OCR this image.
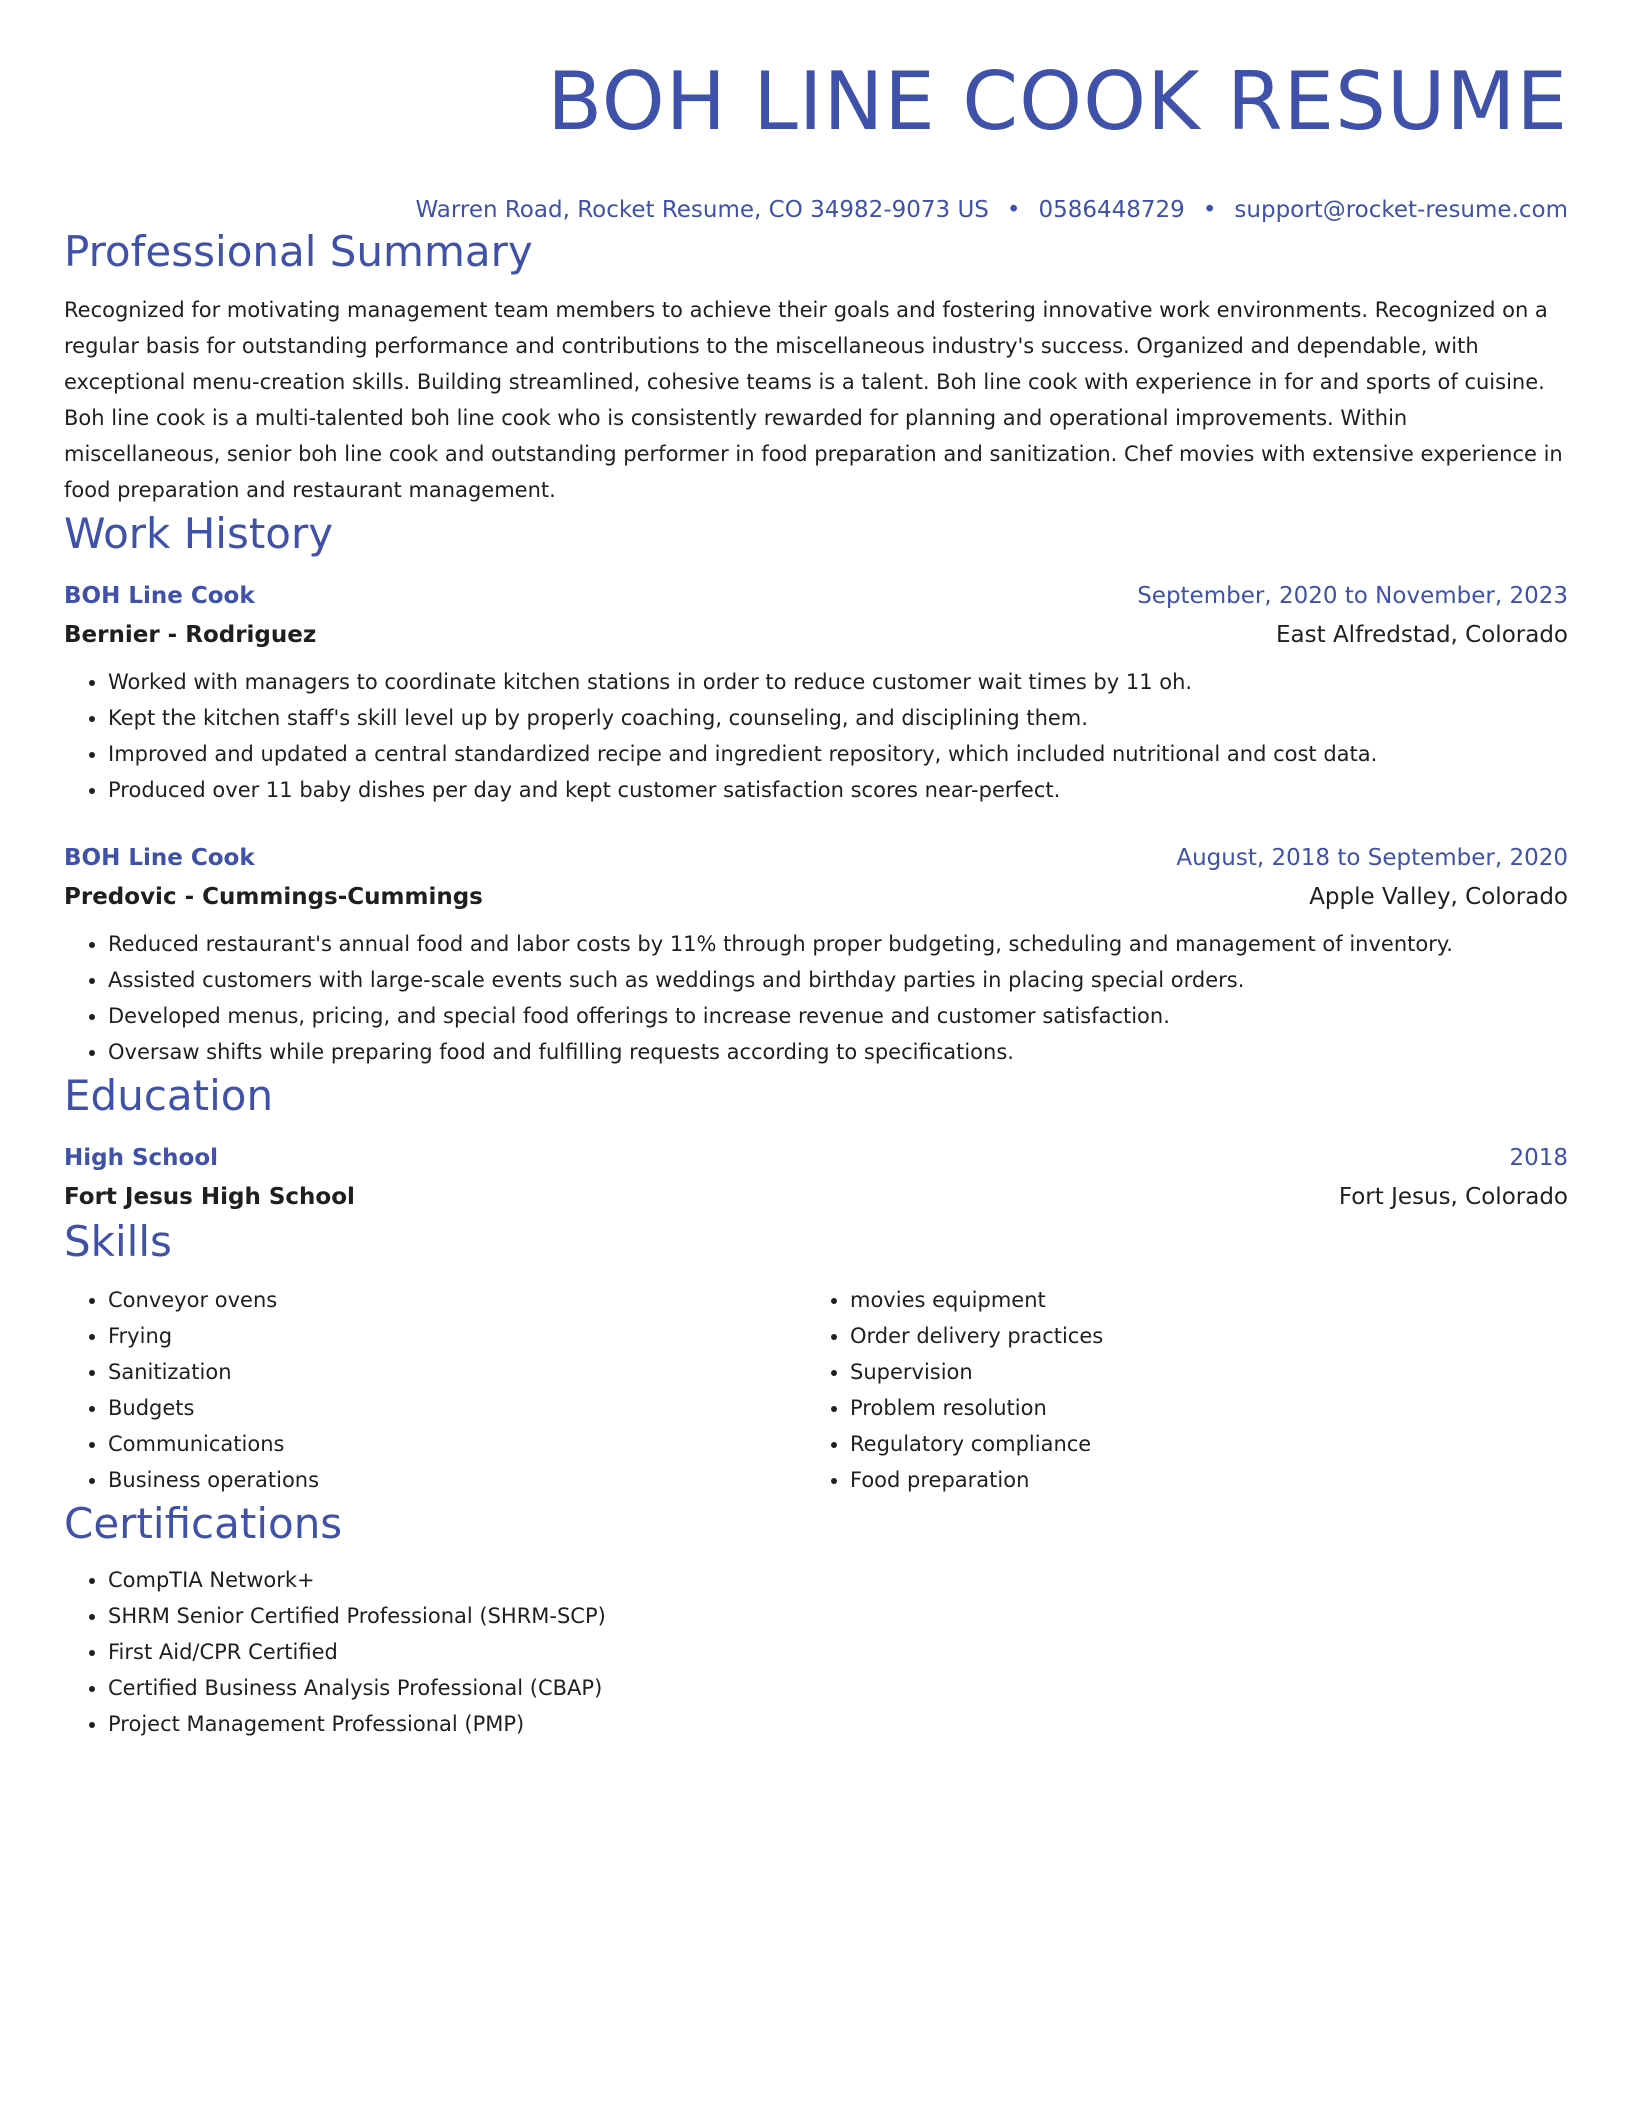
BOH LINE COOK RESUME
Warren Road, Rocket Resume, CO 34982-9073 US • 0586448729 • support@rocket-resume.com
Professional Summary

Recognized for motivating management team members to achieve their goals and fostering innovative work environments. Recognized on a regular basis for outstanding performance and contributions to the miscellaneous industry's success. Organized and dependable, with exceptional menu-creation skills. Building streamlined, cohesive teams is a talent. Boh line cook with experience in for and sports of cuisine. Boh line cook is a multi-talented boh line cook who is consistently rewarded for planning and operational improvements. Within miscellaneous, senior boh line cook and outstanding performer in food preparation and sanitization. Chef movies with extensive experience in food preparation and restaurant management.

Work History
BOH Line Cook	September, 2020 to November, 2023
Bernier - Rodriguez	East Alfredstad, Colorado
• Worked with managers to coordinate kitchen stations in order to reduce customer wait times by 11 oh.
• Kept the kitchen staff's skill level up by properly coaching, counseling, and disciplining them.
• Improved and updated a central standardized recipe and ingredient repository, which included nutritional and cost data.
• Produced over 11 baby dishes per day and kept customer satisfaction scores near-perfect.
BOH Line Cook	August, 2018 to September, 2020
Predovic - Cummings-Cummings	Apple Valley, Colorado
• Reduced restaurant's annual food and labor costs by 11% through proper budgeting, scheduling and management of inventory.
• Assisted customers with large-scale events such as weddings and birthday parties in placing special orders.
• Developed menus, pricing, and special food offerings to increase revenue and customer satisfaction.
• Oversaw shifts while preparing food and fulfilling requests according to specifications.
Education
High School	2018
Fort Jesus High School	Fort Jesus, Colorado
Skills
• Conveyor ovens
• Frying
• Sanitization
• Budgets
• Communications
• Business operations
• movies equipment
• Order delivery practices
• Supervision
• Problem resolution
• Regulatory compliance
• Food preparation
Certifications
• CompTIA Network+
• SHRM Senior Certified Professional (SHRM-SCP)
• First Aid/CPR Certified
• Certified Business Analysis Professional (CBAP)
• Project Management Professional (PMP)
